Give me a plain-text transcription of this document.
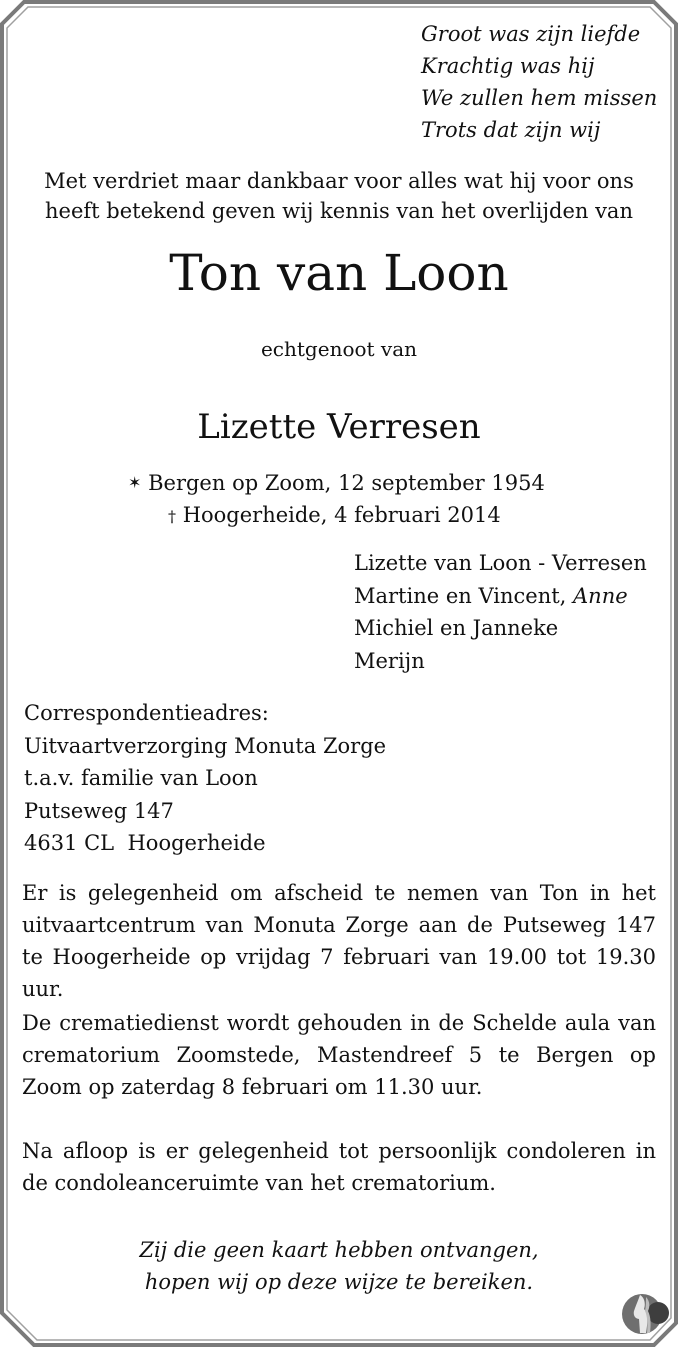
Groot was zijn liefde
Krachtig was hij
We zullen hem missen
Trots dat zijn wij
Met verdriet maar dankbaar voor alles wat hij voor ons
heeft betekend geven wij kennis van het overlijden van
Ton van Loon
echtgenoot van
Lizette Verresen
✶ Bergen op Zoom, 12 september 1954
† Hoogerheide, 4 februari 2014
Lizette van Loon - Verresen
Martine en Vincent, Anne
Michiel en Janneke
Merijn
Correspondentieadres:
Uitvaartverzorging Monuta Zorge
t.a.v. familie van Loon
Putseweg 147
4631 CL  Hoogerheide
Er is gelegenheid om afscheid te nemen van Ton in het uitvaartcentrum van Monuta Zorge aan de Putseweg 147 te Hoogerheide op vrijdag 7 februari van 19.00 tot 19.30 uur.
De crematiedienst wordt gehouden in de Schelde aula van crematorium Zoomstede, Mastendreef 5 te Bergen op Zoom op zaterdag 8 februari om 11.30 uur.
Na afloop is er gelegenheid tot persoonlijk condoleren in de condoleanceruimte van het crematorium.
Zij die geen kaart hebben ontvangen,
hopen wij op deze wijze te bereiken.
